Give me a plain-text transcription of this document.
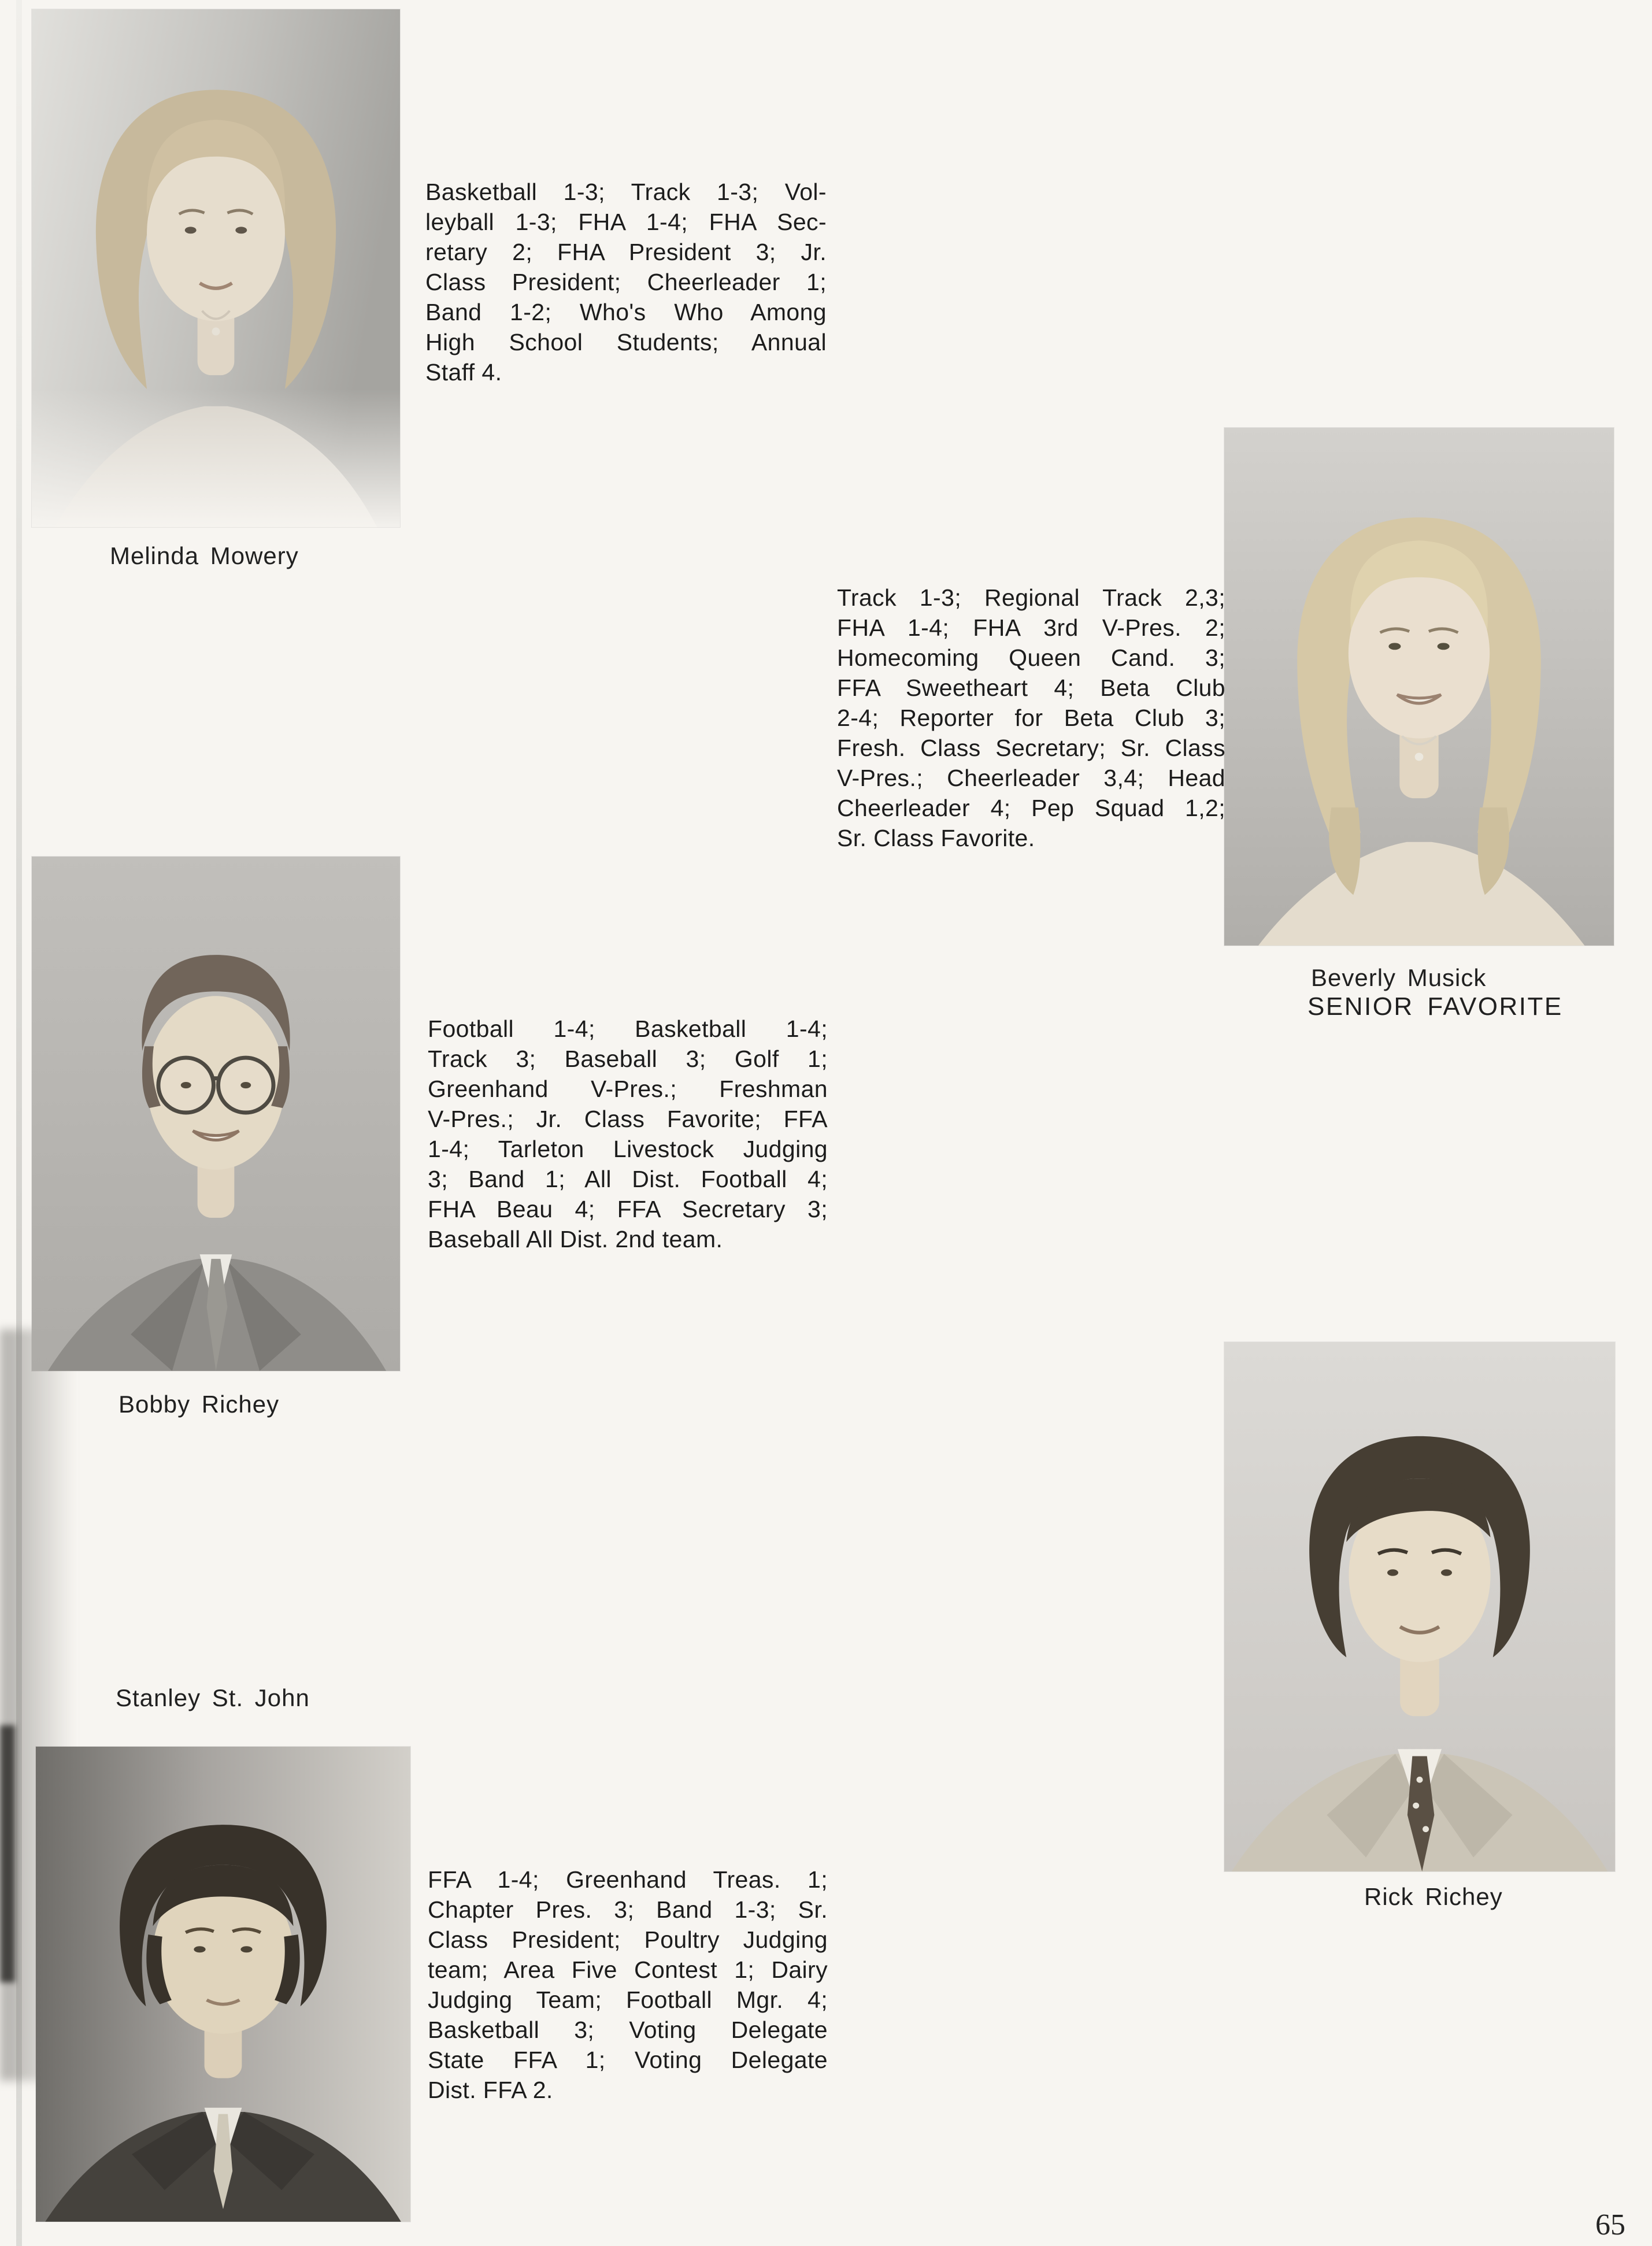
Melinda Mowery
Basketball 1-3; Track 1-3; Vol-
leyball 1-3; FHA 1-4; FHA Sec-
retary 2; FHA President 3; Jr.
Class President; Cheerleader 1;
Band 1-2; Who's Who Among
High School Students; Annual
Staff 4.
Beverly Musick
SENIOR FAVORITE
Track 1-3; Regional Track 2,3;
FHA 1-4; FHA 3rd V-Pres. 2;
Homecoming Queen Cand. 3;
FFA Sweetheart 4; Beta Club
2-4; Reporter for Beta Club 3;
Fresh. Class Secretary; Sr. Class
V-Pres.; Cheerleader 3,4; Head
Cheerleader 4; Pep Squad 1,2;
Sr. Class Favorite.
Bobby Richey
Football 1-4; Basketball 1-4;
Track 3; Baseball 3; Golf 1;
Greenhand V-Pres.; Freshman
V-Pres.; Jr. Class Favorite; FFA
1-4; Tarleton Livestock Judging
3; Band 1; All Dist. Football 4;
FHA Beau 4; FFA Secretary 3;
Baseball All Dist. 2nd team.
Stanley St. John
FFA 1-4; Greenhand Treas. 1;
Chapter Pres. 3; Band 1-3; Sr.
Class President; Poultry Judging
team; Area Five Contest 1; Dairy
Judging Team; Football Mgr. 4;
Basketball 3; Voting Delegate
State FFA 1; Voting Delegate
Dist. FFA 2.
Rick Richey
65
